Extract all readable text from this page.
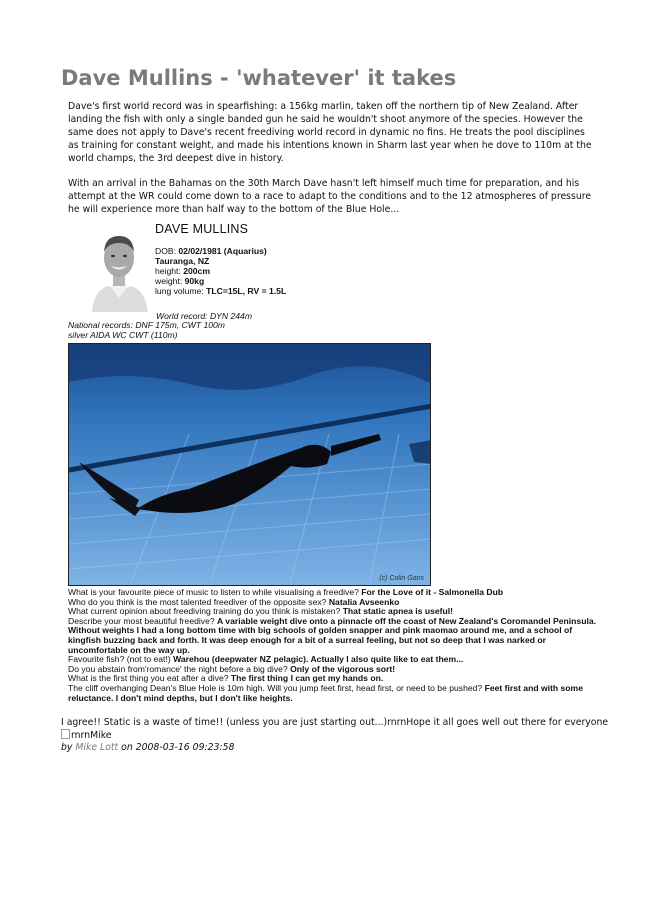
Dave Mullins - 'whatever' it takes

Dave's first world record was in spearfishing: a 156kg marlin, taken off the northern tip of New Zealand. After landing the fish with only a single banded gun he said he wouldn't shoot anymore of the species. However the same does not apply to Dave's recent freediving world record in dynamic no fins. He treats the pool disciplines as training for constant weight, and made his intentions known in Sharm last year when he dove to 110m at the world champs, the 3rd deepest dive in history.

With an arrival in the Bahamas on the 30th March Dave hasn't left himself much time for preparation, and his attempt at the WR could come down to a race to adapt to the conditions and to the 12 atmospheres of pressure he will experience more than half way to the bottom of the Blue Hole...

DAVE MULLINS
DOB: 02/02/1981 (Aquarius)
Tauranga, NZ
height: 200cm
weight: 90kg
lung volume: TLC=15L, RV = 1.5L
World record: DYN 244m
National records: DNF 175m, CWT 100m
silver AIDA WC CWT (110m)
(c) Colin Gans

What is your favourite piece of music to listen to while visualising a freedive? For the Love of it - Salmonella Dub

Who do you think is the most talented freediver of the opposite sex? Natalia Avseenko

What current opinion about freediving training do you think is mistaken? That static apnea is useful!

Describe your most beautiful freedive? A variable weight dive onto a pinnacle off the coast of New Zealand's Coromandel Peninsula. Without weights I had a long bottom time with big schools of golden snapper and pink maomao around me, and a school of kingfish buzzing back and forth. It was deep enough for a bit of a surreal feeling, but not so deep that I was narked or uncomfortable on the way up.

Favourite fish? (not to eat!) Warehou (deepwater NZ pelagic). Actually I also quite like to eat them...

Do you abstain from'romance' the night before a big dive? Only of the vigorous sort!

What is the first thing you eat after a dive? The first thing I can get my hands on.

The cliff overhanging Dean's Blue Hole is 10m high. Will you jump feet first, head first, or need to be pushed? Feet first and with some reluctance. I don't mind depths, but I don't like heights.

I agree!! Static is a waste of time!! (unless you are just starting out...)rnrnHope it all goes well out there for everyone
rnrnMike
by Mike Lott on 2008-03-16 09:23:58
